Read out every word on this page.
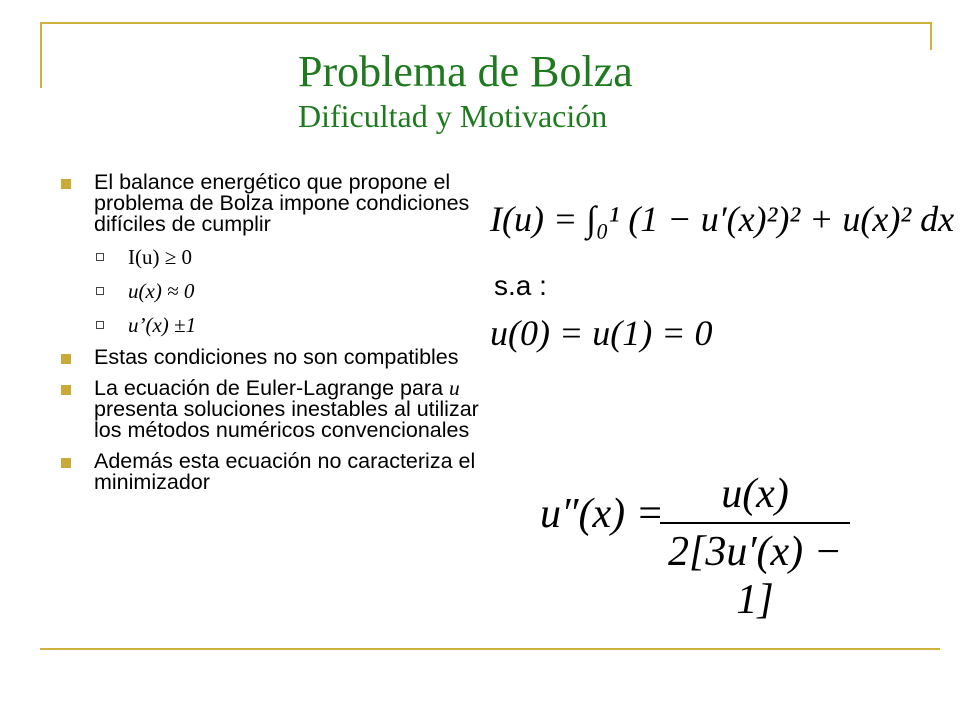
Problema de Bolza
Dificultad y Motivación
El balance energético que propone el problema de Bolza impone condiciones difíciles de cumplir
I(u) ≥ 0
u(x) ≈ 0
u’(x) ±1
Estas condiciones no son compatibles
La ecuación de Euler-Lagrange para u presenta soluciones inestables al utilizar los métodos numéricos convencionales
Además esta ecuación no caracteriza el minimizador
I(u) = ∫₀¹ (1 − u′(x)²)² + u(x)² dx
s.a :
u(0) = u(1) = 0
u″(x) =
$\frac{u(x)}{2[3u'(x) - 1]}$
